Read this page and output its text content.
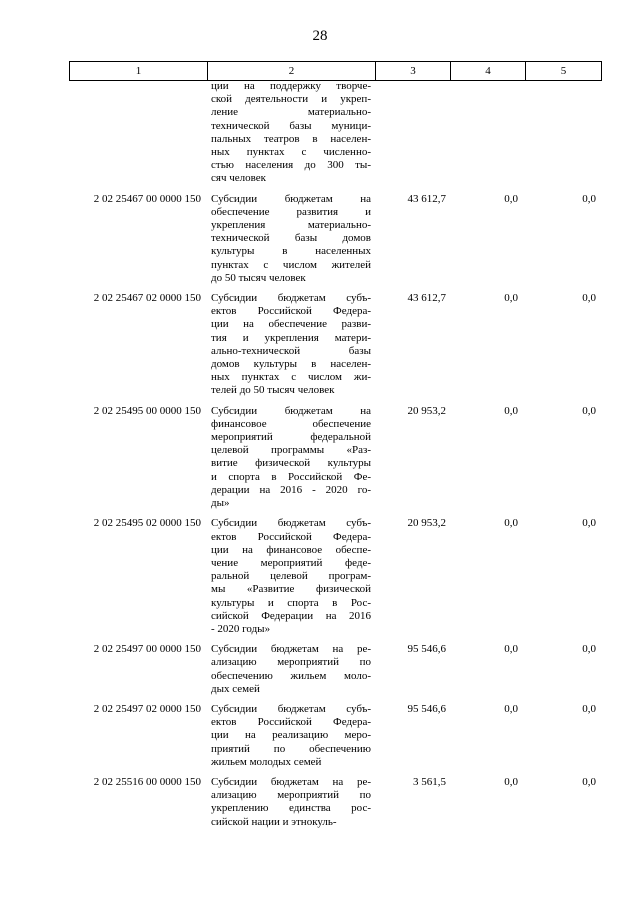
28
1	2	3	4	5
ции на поддержку творче-
ской деятельности и укреп-
ление материально-
технической базы муници-
пальных театров в населен-
ных пунктах с численно-
стью населения до 300 ты-
сяч человек
2 02 25467 00 0000 150 Субсидии бюджетам на
обеспечение развития и
укрепления материально-
технической базы домов
культуры в населенных
пунктах с числом жителей
до 50 тысяч человек
43 612,7	0,0	0,0
2 02 25467 02 0000 150 Субсидии бюджетам субъ-
ектов Российской Федера-
ции на обеспечение разви-
тия и укрепления матери-
ально-технической базы
домов культуры в населен-
ных пунктах с числом жи-
телей до 50 тысяч человек
43 612,7	0,0	0,0
2 02 25495 00 0000 150 Субсидии бюджетам на
финансовое обеспечение
мероприятий федеральной
целевой программы «Раз-
витие физической культуры
и спорта в Российской Фе-
дерации на 2016 - 2020 го-
ды»
20 953,2	0,0	0,0
2 02 25495 02 0000 150 Субсидии бюджетам субъ-
ектов Российской Федера-
ции на финансовое обеспе-
чение мероприятий феде-
ральной целевой програм-
мы «Развитие физической
культуры и спорта в Рос-
сийской Федерации на 2016
- 2020 годы»
20 953,2	0,0	0,0
2 02 25497 00 0000 150 Субсидии бюджетам на ре-
ализацию мероприятий по
обеспечению жильем моло-
дых семей
95 546,6	0,0	0,0
2 02 25497 02 0000 150 Субсидии бюджетам субъ-
ектов Российской Федера-
ции на реализацию меро-
приятий по обеспечению
жильем молодых семей
95 546,6	0,0	0,0
2 02 25516 00 0000 150 Субсидии бюджетам на ре-
ализацию мероприятий по
укреплению единства рос-
сийской нации и этнокуль-
3 561,5	0,0	0,0
